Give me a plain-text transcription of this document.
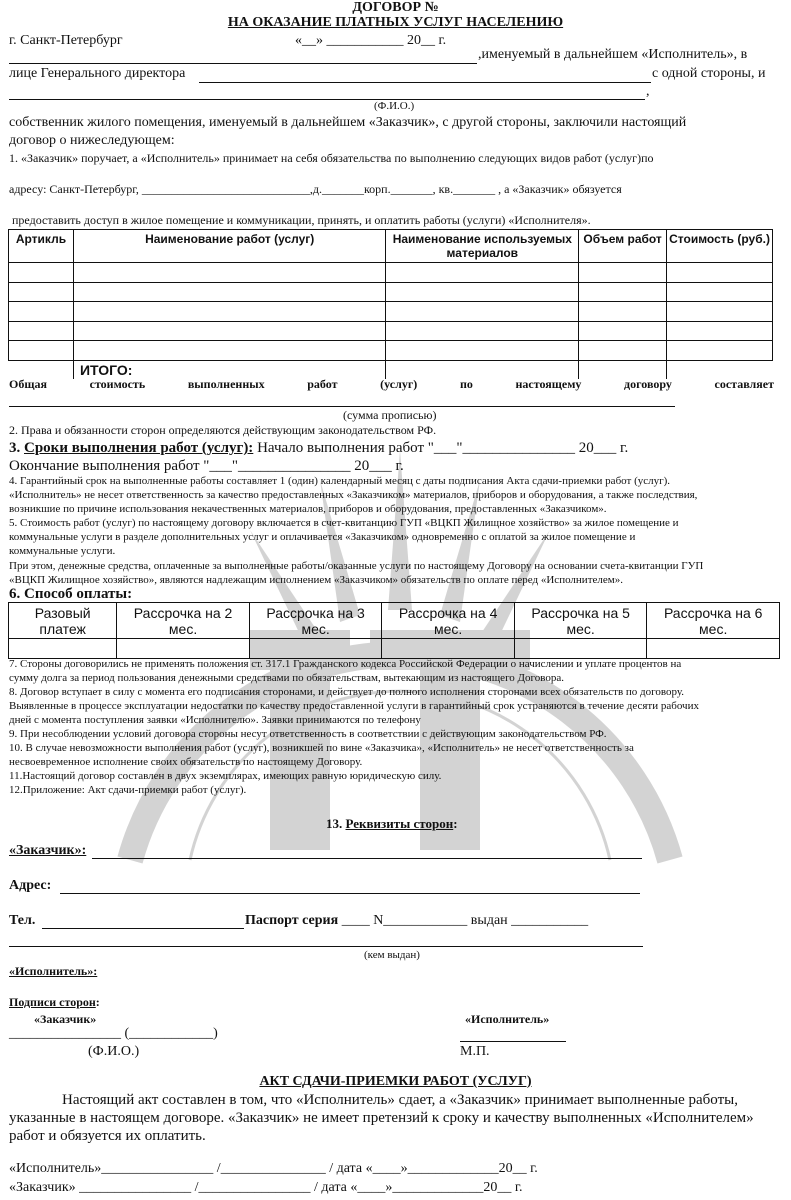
ДОГОВОР №
НА ОКАЗАНИЕ ПЛАТНЫХ УСЛУГ НАСЕЛЕНИЮ
г. Санкт-Петербург	«__» ___________ 20__ г.
,именуемый в дальнейшем «Исполнитель», в
лице Генерального директора	с одной стороны, и
,
(Ф.И.О.)
собственник жилого помещения, именуемый в дальнейшем «Заказчик», с другой стороны, заключили настоящий
договор о нижеследующем:
1. «Заказчик» поручает, а «Исполнитель» принимает на себя обязательства по выполнению следующих видов работ (услуг)по
адресу: Санкт-Петербург, ____________________________,д._______корп._______, кв._______ , а «Заказчик» обязуется
предоставить доступ в жилое помещение и коммуникации, принять, и оплатить работы (услуги) «Исполнителя».
Артикль	Наименование работ (услуг)	Наименование используемых материалов	Объем работ	Стоимость (руб.)

	ИТОГО:			
Общая стоимость выполненных работ (услуг) по настоящему договору составляет
(сумма прописью)
2. Права и обязанности сторон определяются действующим законодательством РФ.
3. Сроки выполнения работ (услуг): Начало выполнения работ "___"_______________ 20___ г.
Окончание выполнения работ "___"_______________ 20___ г.
4. Гарантийный срок на выполненные работы составляет 1 (один) календарный месяц с даты подписания Акта сдачи-приемки работ (услуг).
«Исполнитель» не несет ответственность за качество предоставленных «Заказчиком» материалов, приборов и оборудования, а также последствия,
возникшие по причине использования некачественных материалов, приборов и оборудования, предоставленных «Заказчиком».
5. Стоимость работ (услуг) по настоящему договору включается в счет-квитанцию ГУП «ВЦКП Жилищное хозяйство» за жилое помещение и
коммунальные услуги в разделе дополнительных услуг и оплачивается «Заказчиком» одновременно с оплатой за жилое помещение и
коммунальные услуги.
При этом, денежные средства, оплаченные за выполненные работы/оказанные услуги по настоящему Договору на основании счета-квитанции ГУП
«ВЦКП Жилищное хозяйство», являются надлежащим исполнением «Заказчиком» обязательств по оплате перед «Исполнителем».
6. Способ оплаты:
Разовый платеж	Рассрочка на 2 мес.	Рассрочка на 3 мес.	Рассрочка на 4 мес.	Рассрочка на 5 мес.	Рассрочка на 6 мес.

7. Стороны договорились не применять положения ст. 317.1 Гражданского кодекса Российской Федерации о начислении и уплате процентов на
сумму долга за период пользования денежными средствами по обязательствам, вытекающим из настоящего Договора.
8. Договор вступает в силу с момента его подписания сторонами, и действует до полного исполнения сторонами всех обязательств по договору.
Выявленные в процессе эксплуатации недостатки по качеству предоставленной услуги в гарантийный срок устраняются в течение десяти рабочих
дней с момента поступления заявки «Исполнителю». Заявки принимаются по телефону
9. При несоблюдении условий договора стороны несут ответственность в соответствии с действующим законодательством РФ.
10. В случае невозможности выполнения работ (услуг), возникшей по вине «Заказчика», «Исполнитель» не несет ответственность за
несвоевременное исполнение своих обязательств по настоящему Договору.
11.Настоящий договор составлен в двух экземплярах, имеющих равную юридическую силу.
12.Приложение: Акт сдачи-приемки работ (услуг).
13. Реквизиты сторон:
«Заказчик»:
Адрес:
Тел.	Паспорт серия ____ N____________ выдан ___________
(кем выдан)
«Исполнитель»:
Подписи сторон:
«Заказчик»	«Исполнитель»
________________ (____________)
(Ф.И.О.)	М.П.
АКТ СДАЧИ-ПРИЕМКИ РАБОТ (УСЛУГ)
Настоящий акт составлен в том, что «Исполнитель» сдает, а «Заказчик» принимает выполненные работы,
указанные в настоящем договоре. «Заказчик» не имеет претензий к сроку и качеству выполненных «Исполнителем»
работ и обязуется их оплатить.
«Исполнитель»________________ /_______________ / дата «____»_____________20__ г.
«Заказчик» ________________ /________________ / дата «____»_____________20__ г.
